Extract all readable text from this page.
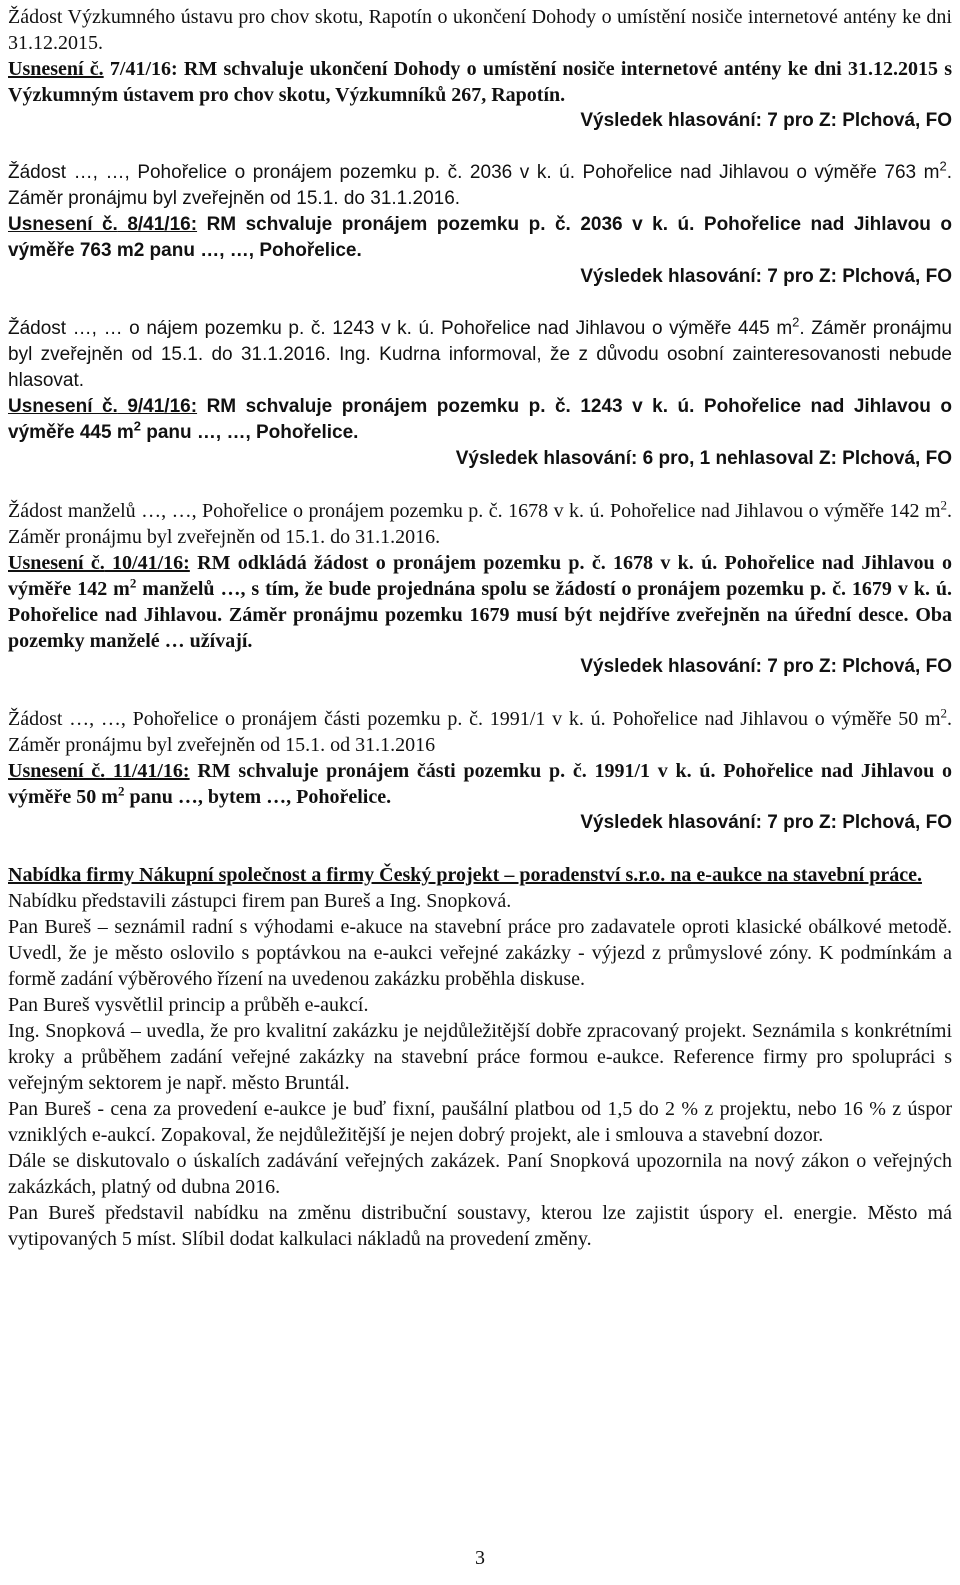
Žádost Výzkumného ústavu pro chov skotu, Rapotín o ukončení Dohody o umístění nosiče internetové antény ke dni 31.12.2015.

Usnesení č. 7/41/16: RM schvaluje ukončení Dohody o umístění nosiče internetové antény ke dni 31.12.2015 s Výzkumným ústavem pro chov skotu, Výzkumníků 267, Rapotín.

Výsledek hlasování: 7 pro Z: Plchová, FO

Žádost …, …, Pohořelice o pronájem pozemku p. č. 2036 v k. ú. Pohořelice nad Jihlavou o výměře 763 $m^2$. Záměr pronájmu byl zveřejněn od 15.1. do 31.1.2016.

Usnesení č. 8/41/16: RM schvaluje pronájem pozemku p. č. 2036 v k. ú. Pohořelice nad Jihlavou o výměře 763 m2 panu …, …, Pohořelice.

Výsledek hlasování: 7 pro Z: Plchová, FO

Žádost …, … o nájem pozemku p. č. 1243 v k. ú. Pohořelice nad Jihlavou o výměře 445 $m^2$. Záměr pronájmu byl zveřejněn od 15.1. do 31.1.2016. Ing. Kudrna informoval, že z důvodu osobní zainteresovanosti nebude hlasovat.

Usnesení č. 9/41/16: RM schvaluje pronájem pozemku p. č. 1243 v k. ú. Pohořelice nad Jihlavou o výměře 445 $m^2$ panu …, …, Pohořelice.

Výsledek hlasování: 6 pro, 1 nehlasoval Z: Plchová, FO

Žádost manželů …, …, Pohořelice o pronájem pozemku p. č. 1678 v k. ú. Pohořelice nad Jihlavou o výměře 142 $m^2$. Záměr pronájmu byl zveřejněn od 15.1. do 31.1.2016.

Usnesení č. 10/41/16: RM odkládá žádost o pronájem pozemku p. č. 1678 v k. ú. Pohořelice nad Jihlavou o výměře 142 $m^2$ manželů …, s tím, že bude projednána spolu se žádostí o pronájem pozemku p. č. 1679 v k. ú. Pohořelice nad Jihlavou. Záměr pronájmu pozemku 1679 musí být nejdříve zveřejněn na úřední desce. Oba pozemky manželé … užívají.

Výsledek hlasování: 7 pro Z: Plchová, FO

Žádost …, …, Pohořelice o pronájem části pozemku p. č. 1991/1 v k. ú. Pohořelice nad Jihlavou o výměře 50 $m^2$. Záměr pronájmu byl zveřejněn od 15.1. od 31.1.2016

Usnesení č. 11/41/16: RM schvaluje pronájem části pozemku p. č. 1991/1 v k. ú. Pohořelice nad Jihlavou o výměře 50 $m^2$ panu …, bytem …, Pohořelice.

Výsledek hlasování: 7 pro Z: Plchová, FO

Nabídka firmy Nákupní společnost a firmy Český projekt – poradenství s.r.o. na e-aukce na stavební práce.

Nabídku představili zástupci firem pan Bureš a Ing. Snopková.

Pan Bureš – seznámil radní s výhodami e-akuce na stavební práce pro zadavatele oproti klasické obálkové metodě. Uvedl, že je město oslovilo s poptávkou na e-aukci veřejné zakázky - výjezd z průmyslové zóny. K podmínkám a formě zadání výběrového řízení na uvedenou zakázku proběhla diskuse.

Pan Bureš vysvětlil princip a průběh e-aukcí.

Ing. Snopková – uvedla, že pro kvalitní zakázku je nejdůležitější dobře zpracovaný projekt. Seznámila s konkrétními kroky a průběhem zadání veřejné zakázky na stavební práce formou e-aukce. Reference firmy pro spolupráci s veřejným sektorem je např. město Bruntál.

Pan Bureš - cena za provedení e-aukce je buď fixní, paušální platbou od 1,5 do 2 % z projektu, nebo 16 % z úspor vzniklých e-aukcí. Zopakoval, že nejdůležitější je nejen dobrý projekt, ale i smlouva a stavební dozor.

Dále se diskutovalo o úskalích zadávání veřejných zakázek. Paní Snopková upozornila na nový zákon o veřejných zakázkách, platný od dubna 2016.

Pan Bureš představil nabídku na změnu distribuční soustavy, kterou lze zajistit úspory el. energie. Město má vytipovaných 5 míst. Slíbil dodat kalkulaci nákladů na provedení změny.

3
